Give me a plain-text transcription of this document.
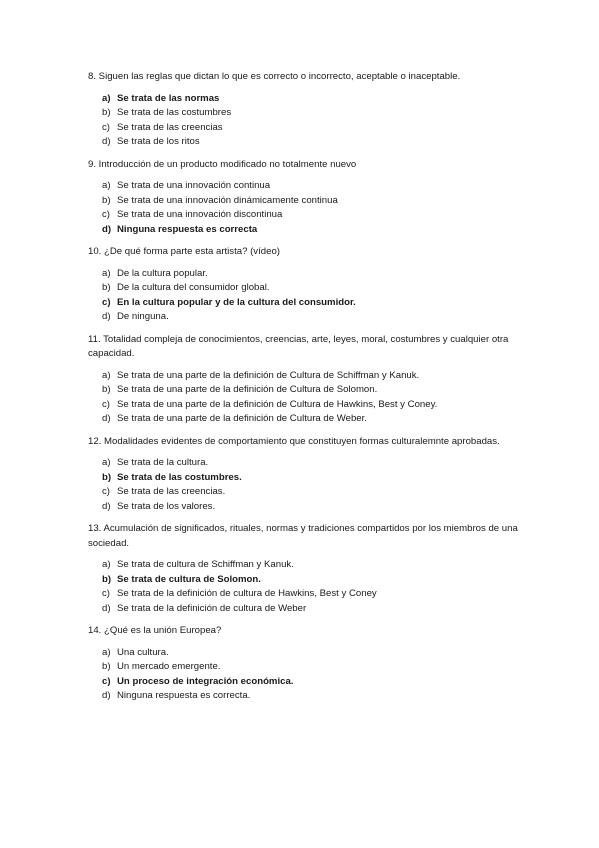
8. Siguen las reglas que dictan lo que es correcto o incorrecto, aceptable o inaceptable.

a) Se trata de las normas
b) Se trata de las costumbres
c) Se trata de las creencias
d) Se trata de los ritos

9. Introducción de un producto modificado no totalmente nuevo

a) Se trata de una innovación continua
b) Se trata de una innovación dinámicamente continua
c) Se trata de una innovación discontinua
d) Ninguna respuesta es correcta

10. ¿De qué forma parte esta artista? (vídeo)

a) De la cultura popular.
b) De la cultura del consumidor global.
c) En la cultura popular y de la cultura del consumidor.
d) De ninguna.

11. Totalidad compleja de conocimientos, creencias, arte, leyes, moral, costumbres y cualquier otra capacidad.

a) Se trata de una parte de la definición de Cultura de Schiffman y Kanuk.
b) Se trata de una parte de la definición de Cultura de Solomon.
c) Se trata de una parte de la definición de Cultura de Hawkins, Best y Coney.
d) Se trata de una parte de la definición de Cultura de Weber.

12. Modalidades evidentes de comportamiento que constituyen formas culturalemnte aprobadas.

a) Se trata de la cultura.
b) Se trata de las costumbres.
c) Se trata de las creencias.
d) Se trata de los valores.

13. Acumulación de significados, rituales, normas y tradiciones compartidos por los miembros de una sociedad.

a) Se trata de cultura de Schiffman y Kanuk.
b) Se trata de cultura de Solomon.
c) Se trata de la definición de cultura de Hawkins, Best y Coney
d) Se trata de la definición de cultura de Weber

14. ¿Qué es la unión Europea?

a) Una cultura.
b) Un mercado emergente.
c) Un proceso de integración económica.
d) Ninguna respuesta es correcta.
